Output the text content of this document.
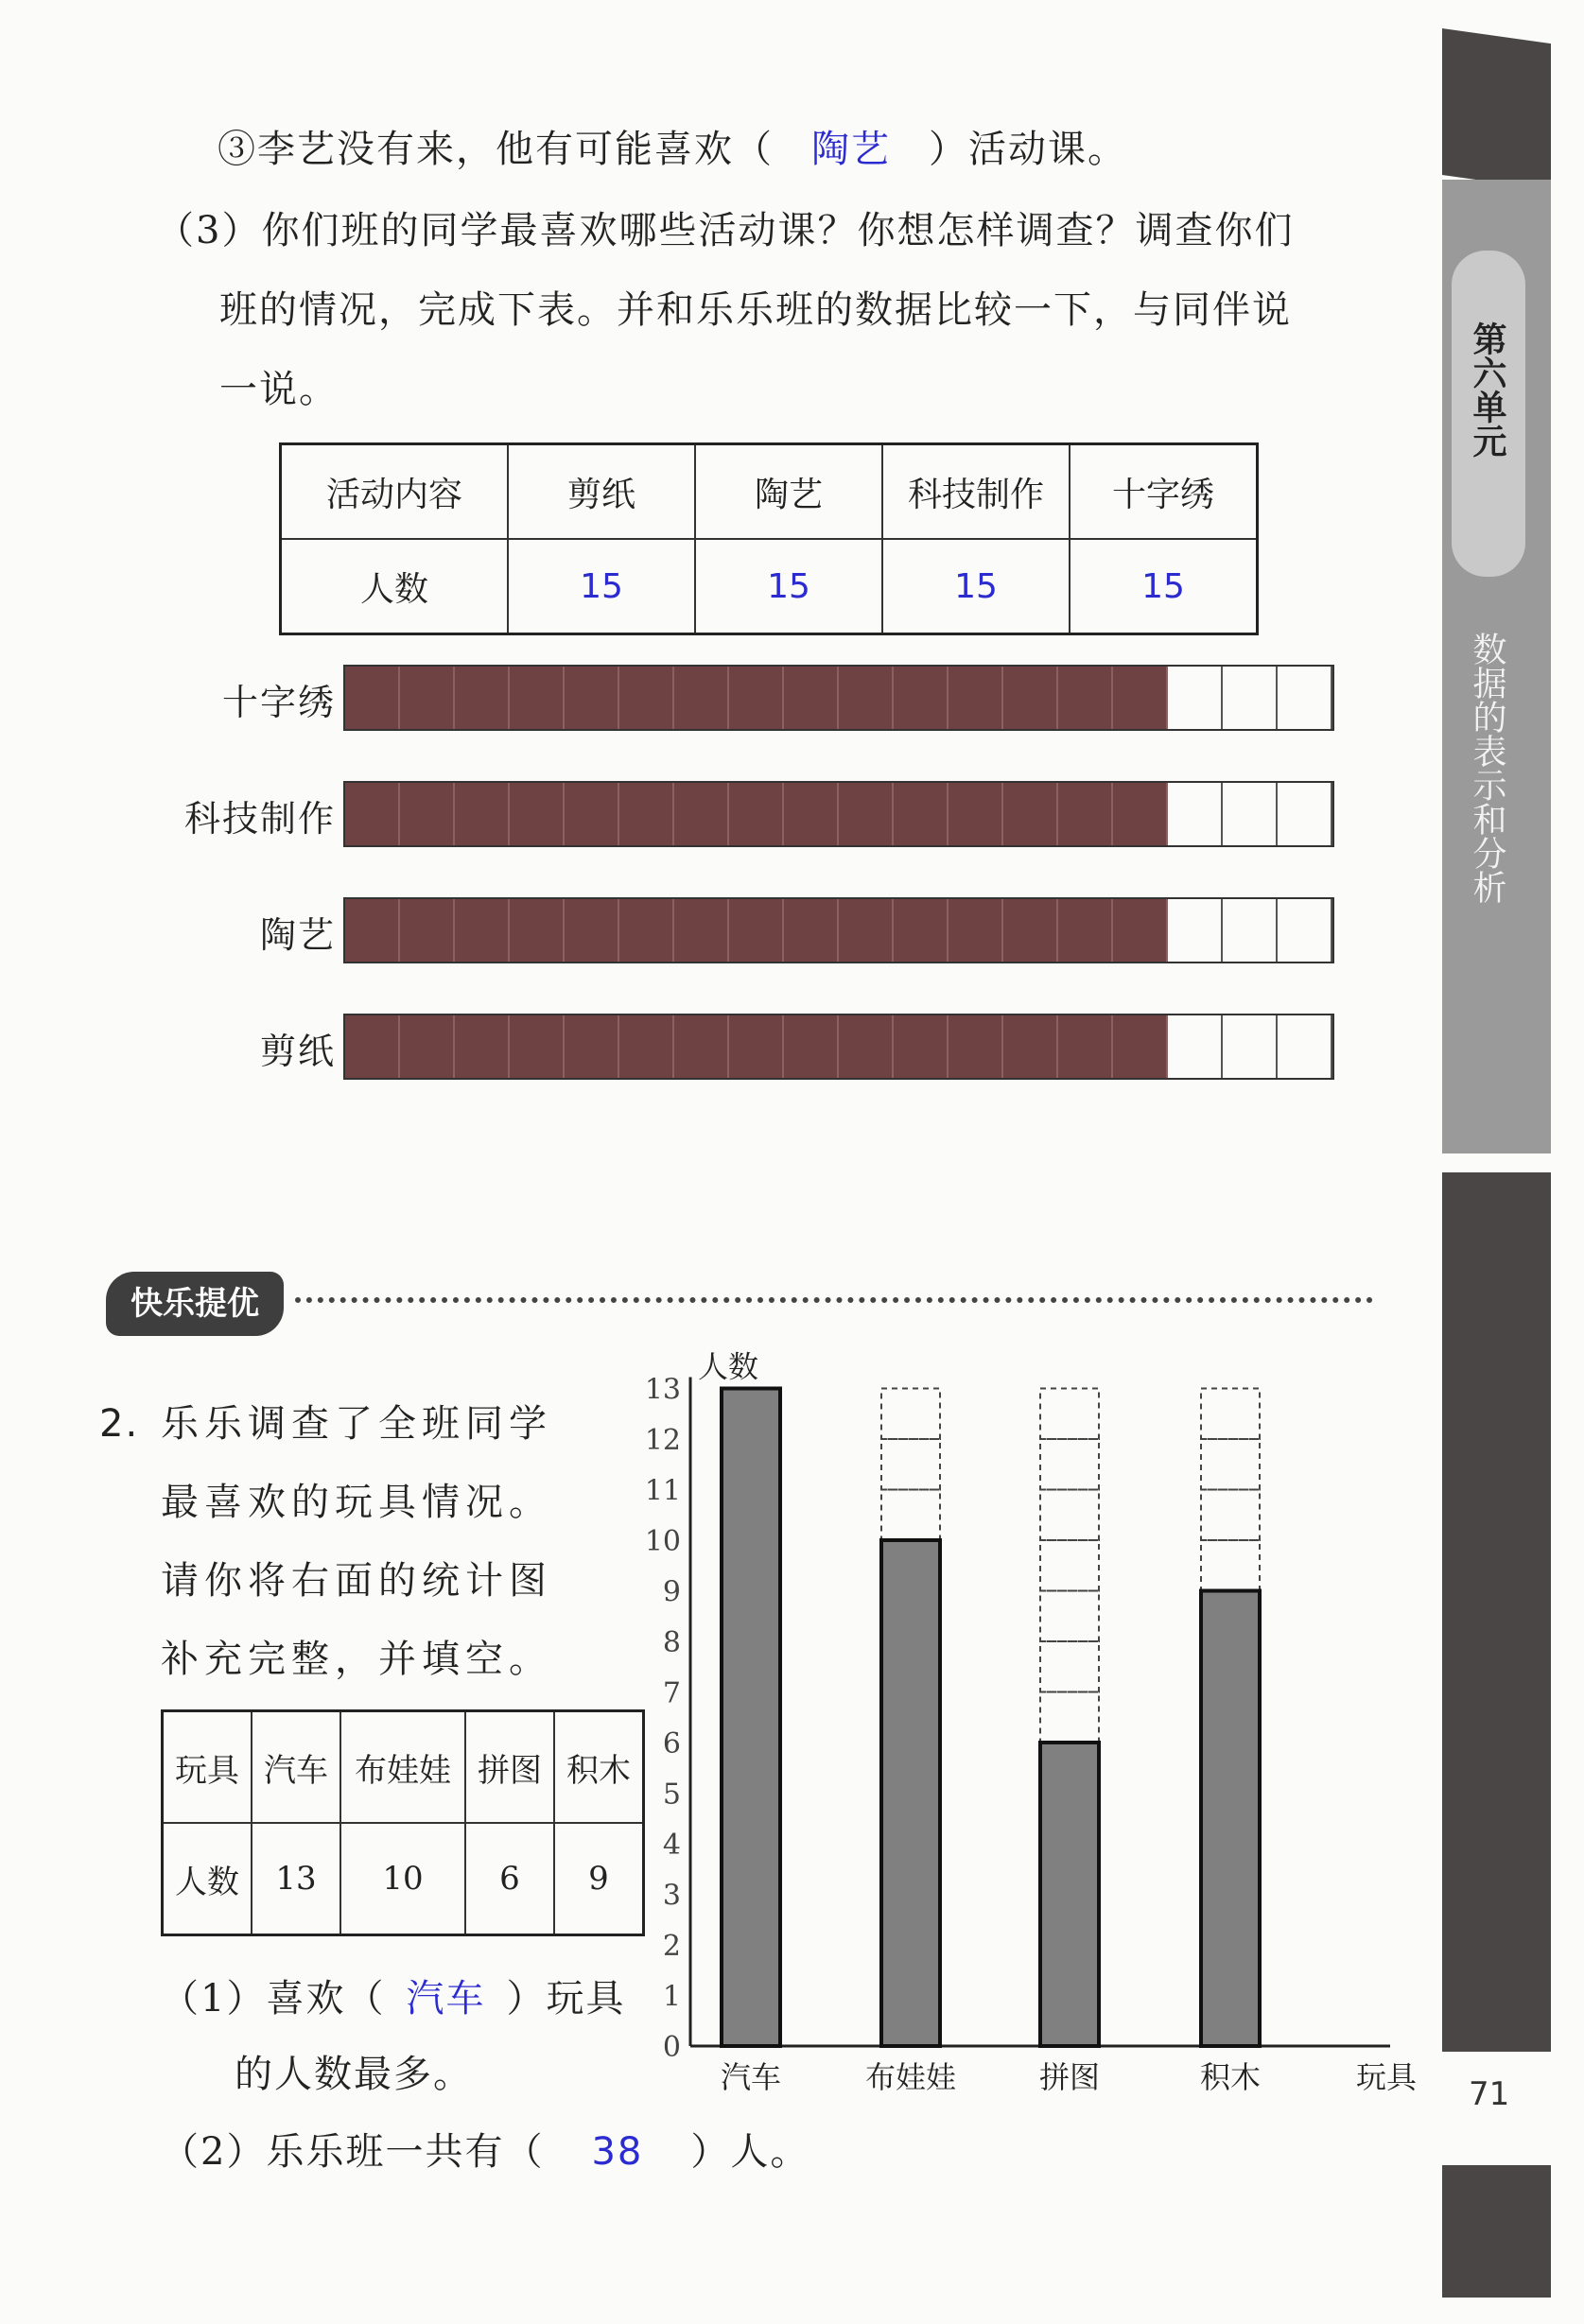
第六单元
数据的表示和分析
71
③李艺没有来，他有可能喜欢（ 陶艺 ）活动课。
（3）你们班的同学最喜欢哪些活动课？你想怎样调查？调查你们
班的情况，完成下表。并和乐乐班的数据比较一下，与同伴说
一说。
活动内容	剪纸	陶艺	科技制作	十字绣
人数	15	15	15	15
十字绣
科技制作
陶艺
剪纸
快乐提优
2. 乐乐调查了全班同学
最喜欢的玩具情况。
请你将右面的统计图
补充完整，并填空。
玩具	汽车	布娃娃	拼图	积木
人数	13	10	6	9
（1）喜欢（ 汽车 ）玩具
的人数最多。
（2）乐乐班一共有（ 38 ）人。
人数
0
1
2
3
4
5
6
7
8
9
10
11
12
13
汽车	布娃娃	拼图	积木	玩具
